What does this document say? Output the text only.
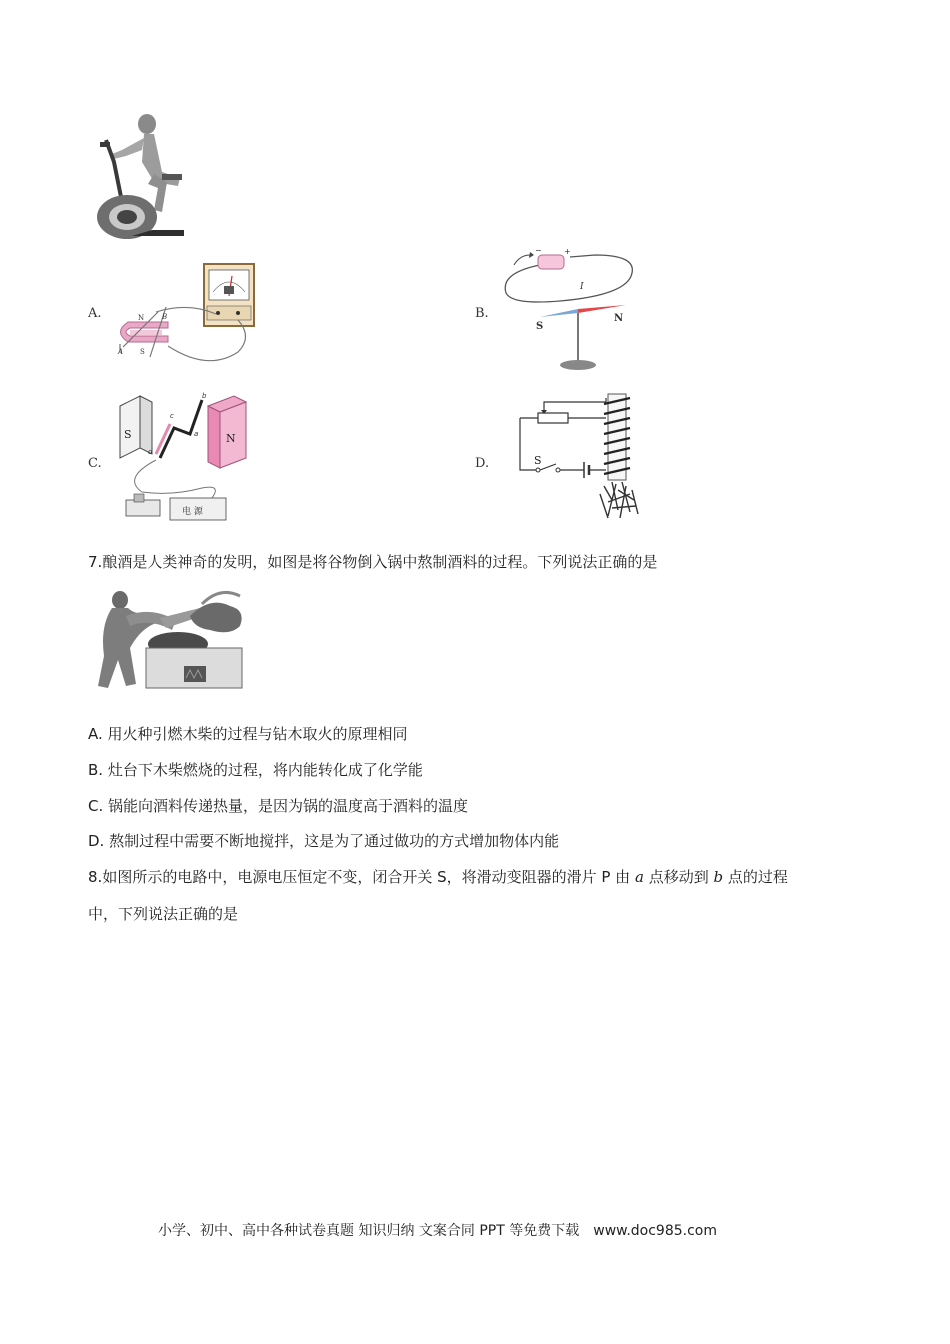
A.	N
S
A
B	B.
−	+
I
S
N
C.
S	N
b
c
a
d
电 源
D.	S
7.酿酒是人类神奇的发明，如图是将谷物倒入锅中熬制酒料的过程。下列说法正确的是
A. 用火种引燃木柴的过程与钻木取火的原理相同
B. 灶台下木柴燃烧的过程，将内能转化成了化学能
C. 锅能向酒料传递热量，是因为锅的温度高于酒料的温度
D. 熬制过程中需要不断地搅拌，这是为了通过做功的方式增加物体内能
8.如图所示的电路中，电源电压恒定不变，闭合开关 S，将滑动变阻器的滑片 P 由 a 点移动到 b 点的过程
中，下列说法正确的是
小学、初中、高中各种试卷真题 知识归纳 文案合同 PPT 等免费下载 www.doc985.com
